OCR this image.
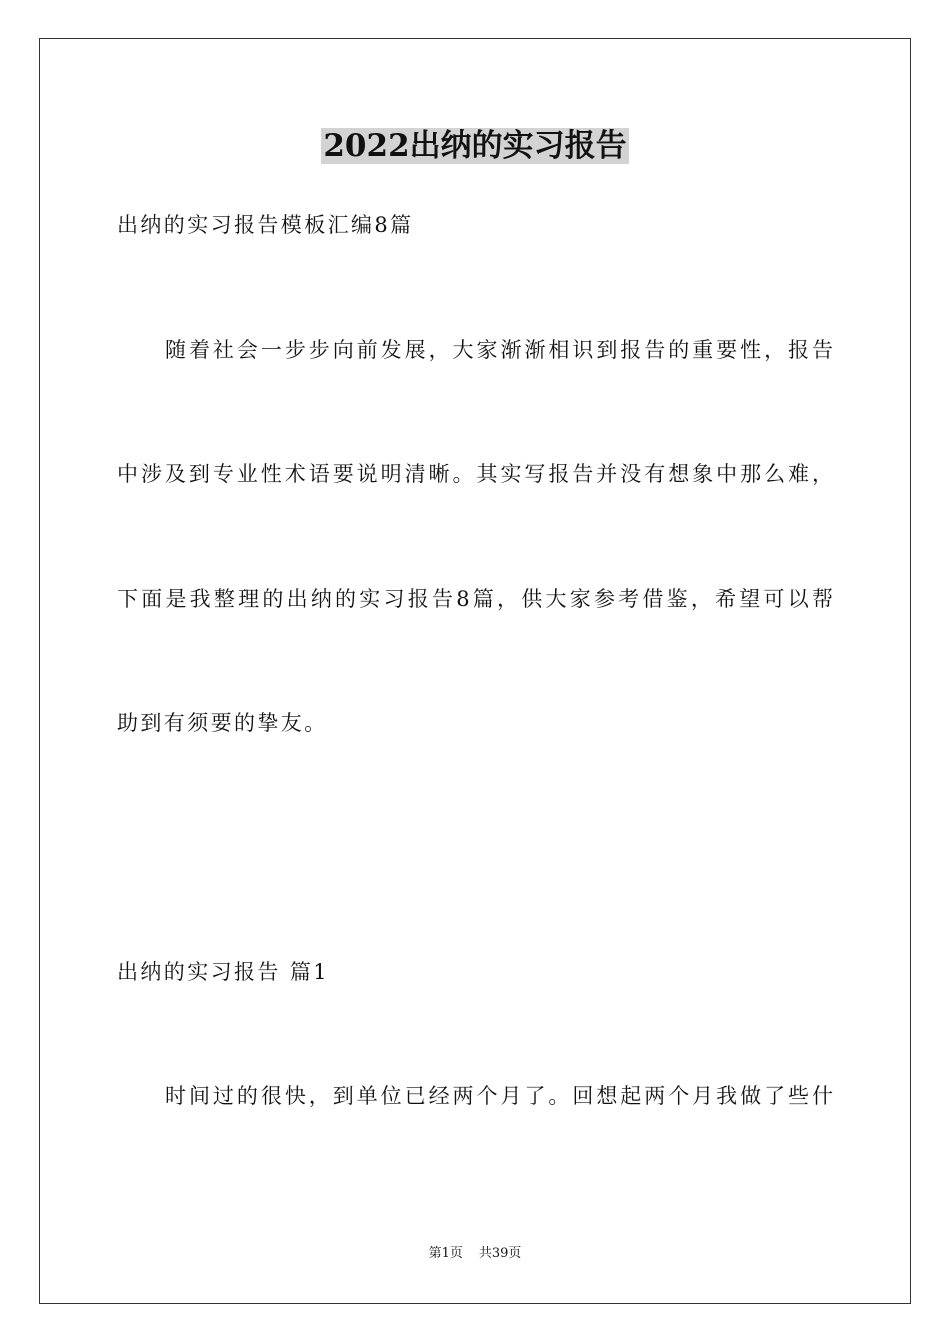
2022出纳的实习报告
出纳的实习报告模板汇编8篇
随着社会一步步向前发展，大家渐渐相识到报告的重要性，报告
中涉及到专业性术语要说明清晰。其实写报告并没有想象中那么难，
下面是我整理的出纳的实习报告8篇，供大家参考借鉴，希望可以帮
助到有须要的挚友。
出纳的实习报告 篇1
时间过的很快，到单位已经两个月了。回想起两个月我做了些什
第1页 共39页
